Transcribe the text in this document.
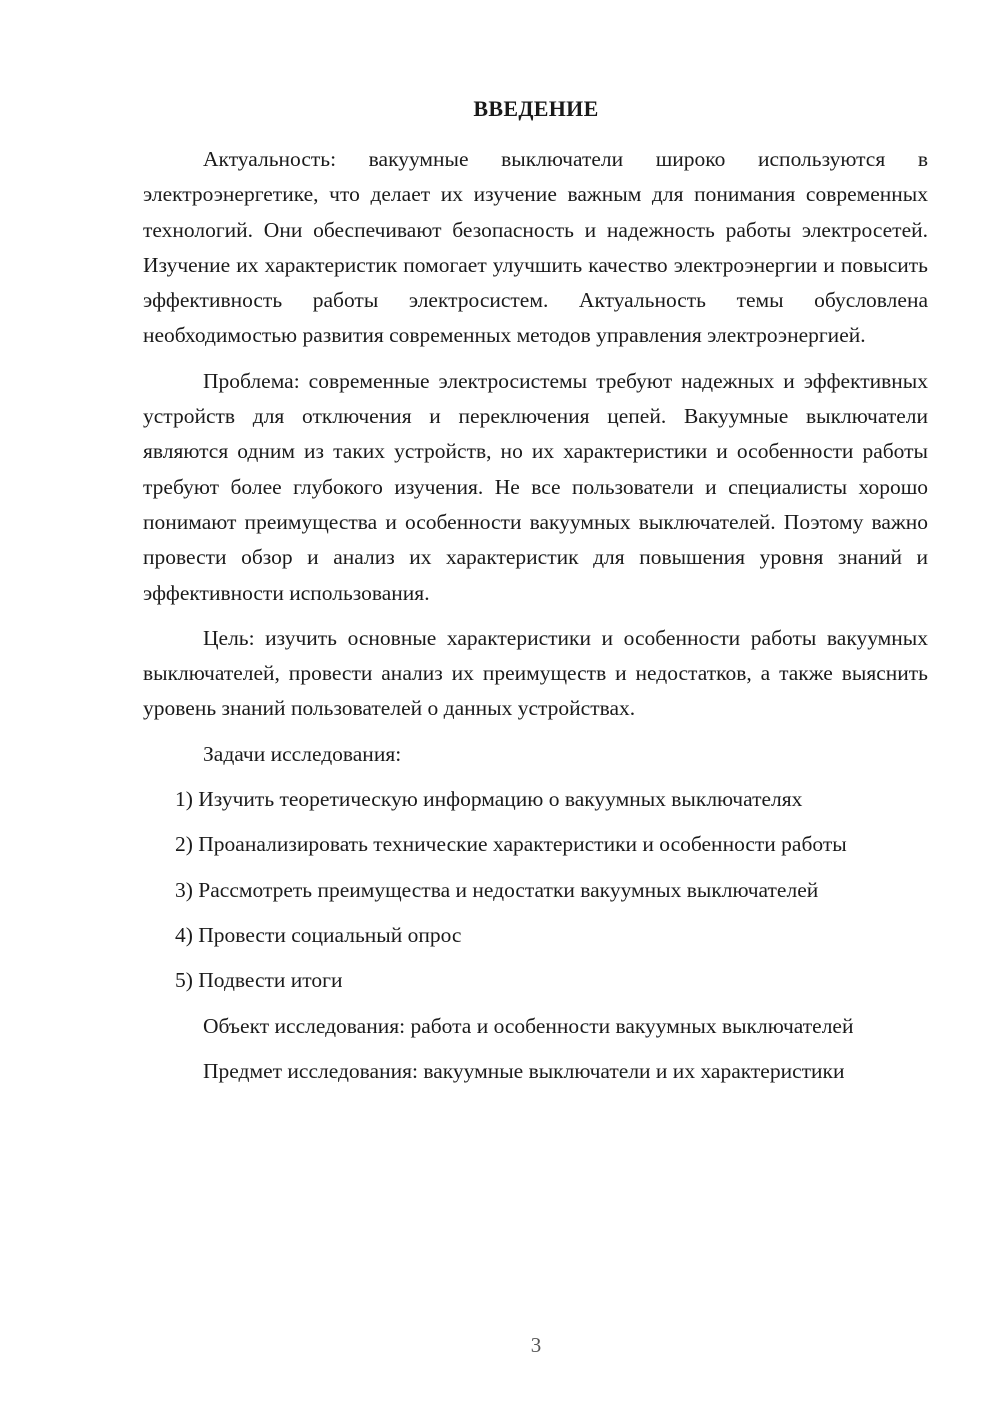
ВВЕДЕНИЕ

Актуальность: вакуумные выключатели широко используются в электроэнергетике, что делает их изучение важным для понимания современных технологий. Они обеспечивают безопасность и надежность работы электросетей. Изучение их характеристик помогает улучшить качество электроэнергии и повысить эффективность работы электросистем. Актуальность темы обусловлена необходимостью развития современных методов управления электроэнергией.

Проблема: современные электросистемы требуют надежных и эффективных устройств для отключения и переключения цепей. Вакуумные выключатели являются одним из таких устройств, но их характеристики и особенности работы требуют более глубокого изучения. Не все пользователи и специалисты хорошо понимают преимущества и особенности вакуумных выключателей. Поэтому важно провести обзор и анализ их характеристик для повышения уровня знаний и эффективности использования.

Цель: изучить основные характеристики и особенности работы вакуумных выключателей, провести анализ их преимуществ и недостатков, а также выяснить уровень знаний пользователей о данных устройствах.

Задачи исследования:

1) Изучить теоретическую информацию о вакуумных выключателях

2) Проанализировать технические характеристики и особенности работы

3) Рассмотреть преимущества и недостатки вакуумных выключателей

4) Провести социальный опрос

5) Подвести итоги

Объект исследования: работа и особенности вакуумных выключателей

Предмет исследования: вакуумные выключатели и их характеристики

3
